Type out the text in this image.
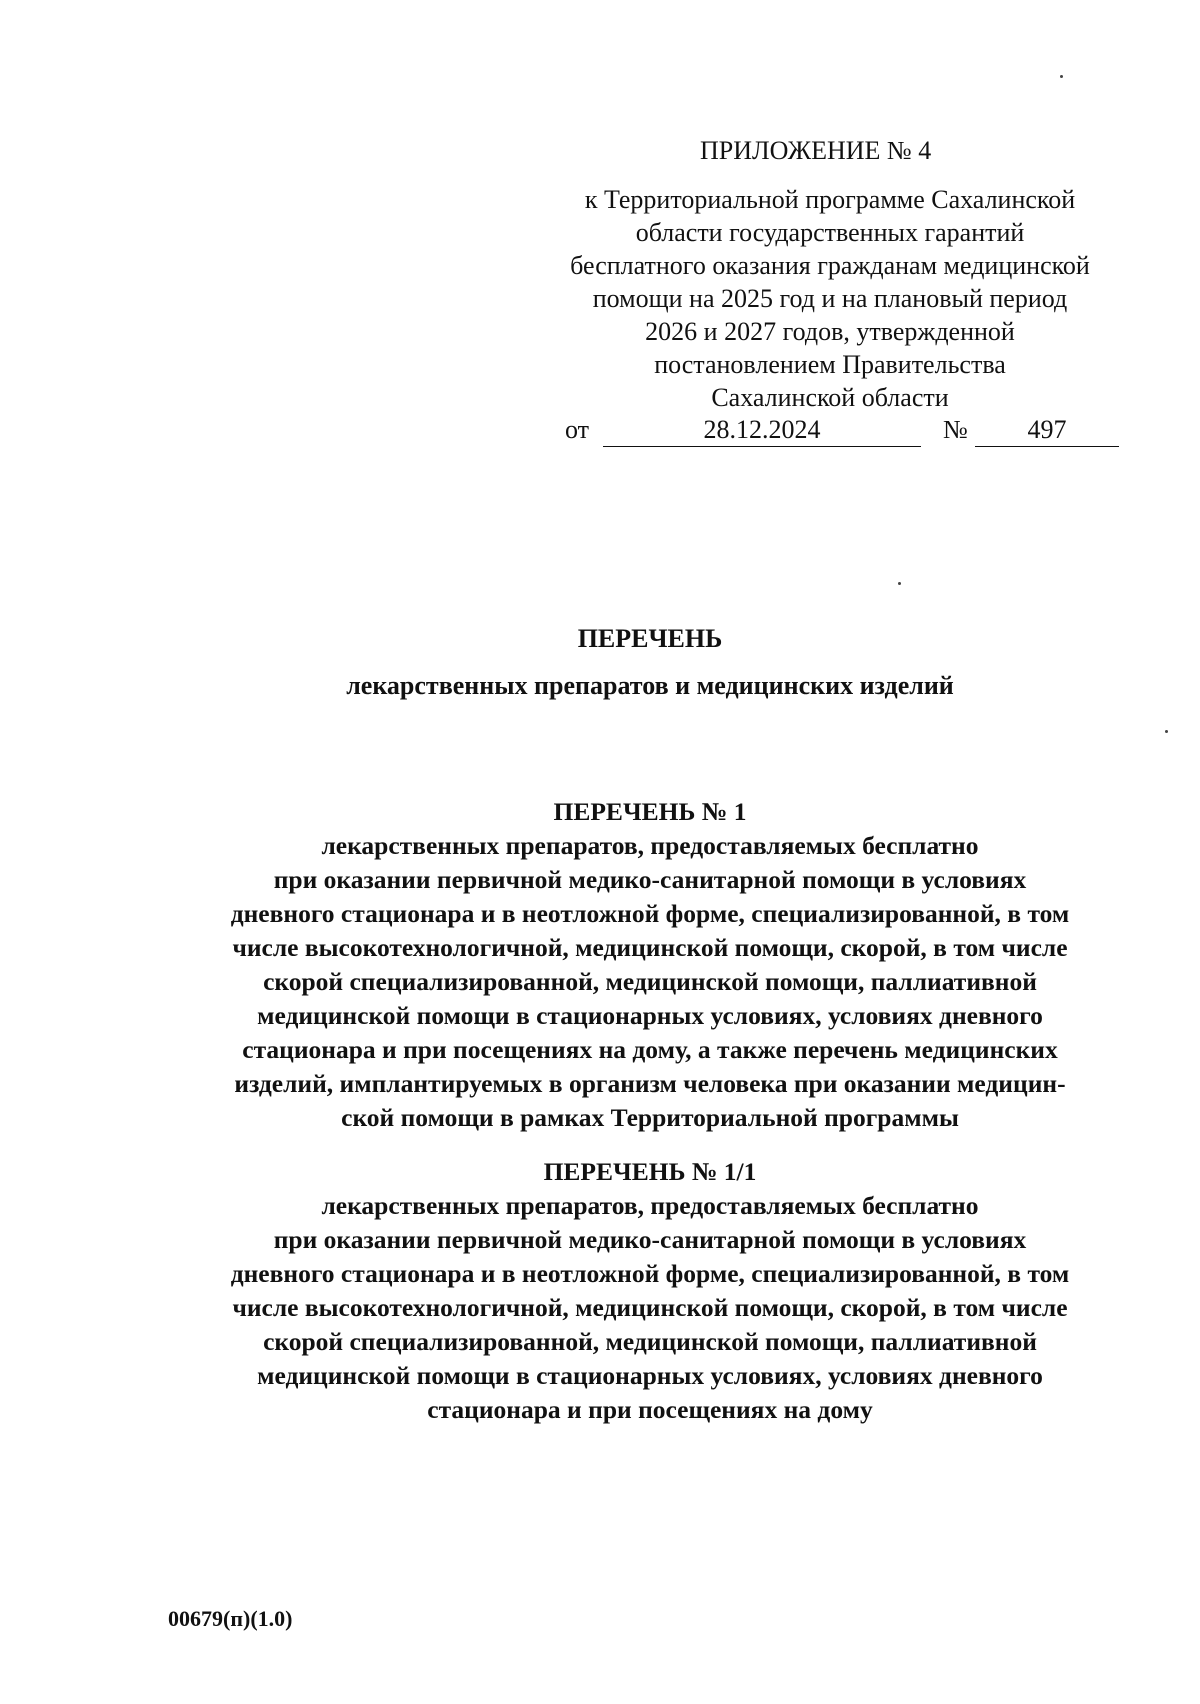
ПРИЛОЖЕНИЕ № 4
к Территориальной программе Сахалинской
области государственных гарантий
бесплатного оказания гражданам медицинской
помощи на 2025 год и на плановый период
2026 и 2027 годов, утвержденной
постановлением Правительства
Сахалинской области
от	28.12.2024	№	497
ПЕРЕЧЕНЬ
лекарственных препаратов и медицинских изделий
ПЕРЕЧЕНЬ № 1
лекарственных препаратов, предоставляемых бесплатно
при оказании первичной медико-санитарной помощи в условиях
дневного стационара и в неотложной форме, специализированной, в том
числе высокотехнологичной, медицинской помощи, скорой, в том числе
скорой специализированной, медицинской помощи, паллиативной
медицинской помощи в стационарных условиях, условиях дневного
стационара и при посещениях на дому, а также перечень медицинских
изделий, имплантируемых в организм человека при оказании медицин-
ской помощи в рамках Территориальной программы
ПЕРЕЧЕНЬ № 1/1
лекарственных препаратов, предоставляемых бесплатно
при оказании первичной медико-санитарной помощи в условиях
дневного стационара и в неотложной форме, специализированной, в том
числе высокотехнологичной, медицинской помощи, скорой, в том числе
скорой специализированной, медицинской помощи, паллиативной
медицинской помощи в стационарных условиях, условиях дневного
стационара и при посещениях на дому
00679(п)(1.0)
